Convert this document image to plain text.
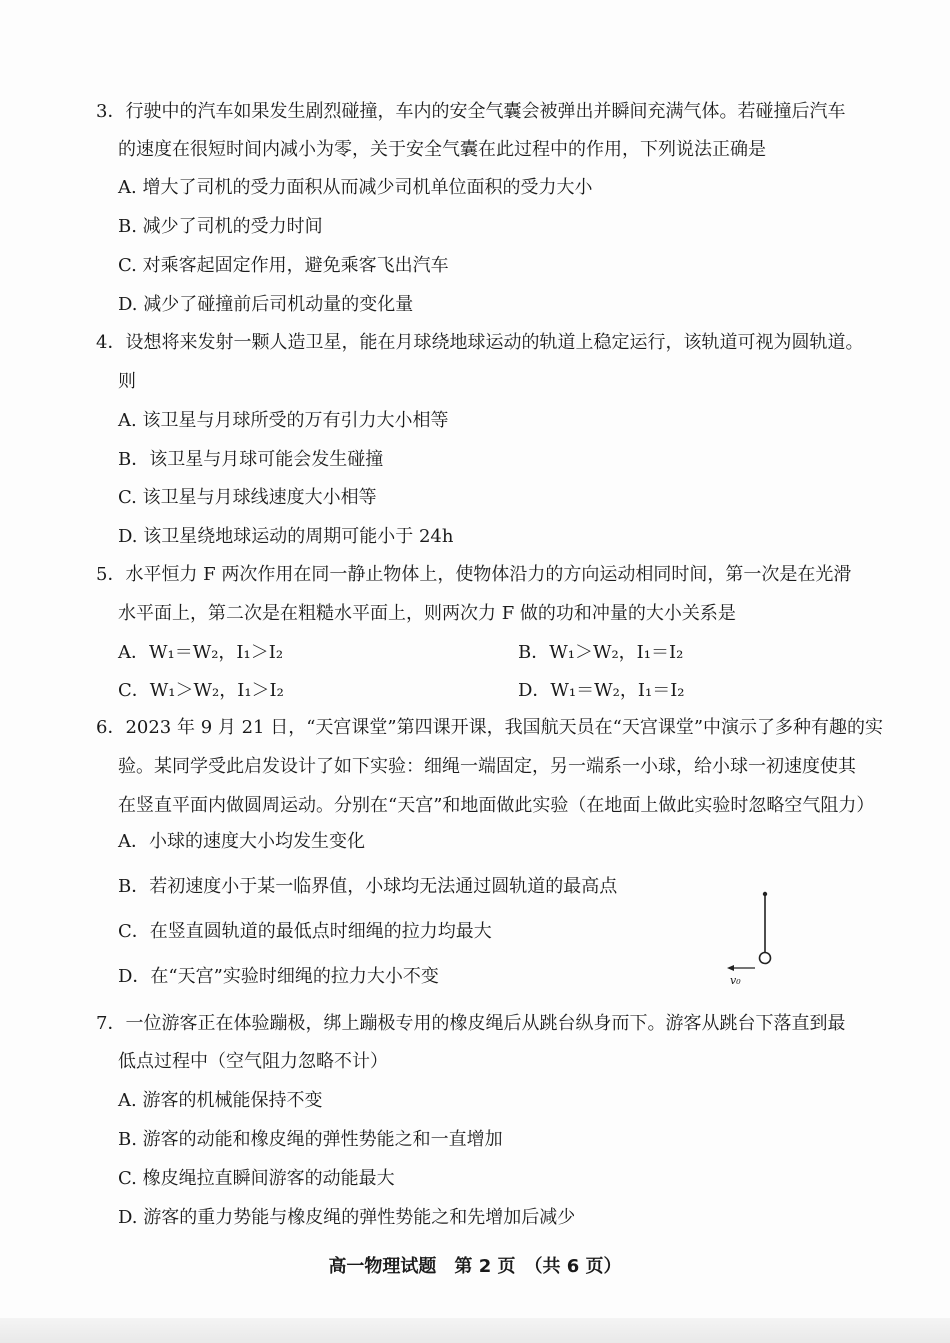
3．行驶中的汽车如果发生剧烈碰撞，车内的安全气囊会被弹出并瞬间充满气体。若碰撞后汽车
的速度在很短时间内减小为零，关于安全气囊在此过程中的作用，下列说法正确是
A. 增大了司机的受力面积从而减少司机单位面积的受力大小
B. 减少了司机的受力时间
C. 对乘客起固定作用，避免乘客飞出汽车
D. 减少了碰撞前后司机动量的变化量
4．设想将来发射一颗人造卫星，能在月球绕地球运动的轨道上稳定运行，该轨道可视为圆轨道。
则
A. 该卫星与月球所受的万有引力大小相等
B．该卫星与月球可能会发生碰撞
C. 该卫星与月球线速度大小相等
D. 该卫星绕地球运动的周期可能小于 24h
5．水平恒力 F 两次作用在同一静止物体上，使物体沿力的方向运动相同时间，第一次是在光滑
水平面上，第二次是在粗糙水平面上，则两次力 F 做的功和冲量的大小关系是
A．W₁＝W₂，I₁＞I₂	B．W₁＞W₂，I₁＝I₂
C．W₁＞W₂，I₁＞I₂	D．W₁＝W₂，I₁＝I₂
6．2023 年 9 月 21 日，“天宫课堂”第四课开课，我国航天员在“天宫课堂”中演示了多种有趣的实
验。某同学受此启发设计了如下实验：细绳一端固定，另一端系一小球，给小球一初速度使其
在竖直平面内做圆周运动。分别在“天宫”和地面做此实验（在地面上做此实验时忽略空气阻力）
A．小球的速度大小均发生变化
B．若初速度小于某一临界值，小球均无法通过圆轨道的最高点
C．在竖直圆轨道的最低点时细绳的拉力均最大
D．在“天宫”实验时细绳的拉力大小不变	v₀
7．一位游客正在体验蹦极，绑上蹦极专用的橡皮绳后从跳台纵身而下。游客从跳台下落直到最
低点过程中（空气阻力忽略不计）
A. 游客的机械能保持不变
B. 游客的动能和橡皮绳的弹性势能之和一直增加
C. 橡皮绳拉直瞬间游客的动能最大
D. 游客的重力势能与橡皮绳的弹性势能之和先增加后减少
高一物理试题　第 2 页　（共 6 页）
